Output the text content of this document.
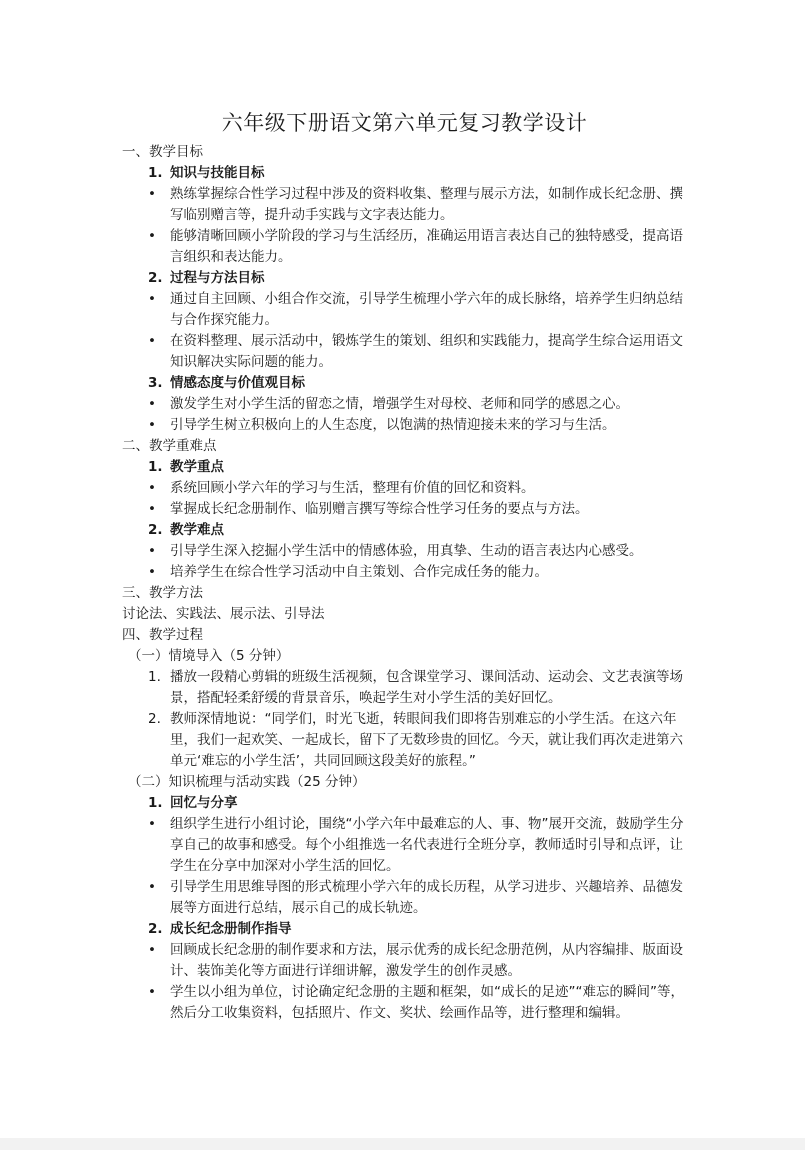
六年级下册语文第六单元复习教学设计

一、教学目标

1. 知识与技能目标

• 熟练掌握综合性学习过程中涉及的资料收集、整理与展示方法，如制作成长纪念册、撰写临别赠言等，提升动手实践与文字表达能力。

• 能够清晰回顾小学阶段的学习与生活经历，准确运用语言表达自己的独特感受，提高语言组织和表达能力。

2. 过程与方法目标

• 通过自主回顾、小组合作交流，引导学生梳理小学六年的成长脉络，培养学生归纳总结与合作探究能力。

• 在资料整理、展示活动中，锻炼学生的策划、组织和实践能力，提高学生综合运用语文知识解决实际问题的能力。

3. 情感态度与价值观目标

• 激发学生对小学生活的留恋之情，增强学生对母校、老师和同学的感恩之心。

• 引导学生树立积极向上的人生态度，以饱满的热情迎接未来的学习与生活。

二、教学重难点

1. 教学重点

• 系统回顾小学六年的学习与生活，整理有价值的回忆和资料。

• 掌握成长纪念册制作、临别赠言撰写等综合性学习任务的要点与方法。

2. 教学难点

• 引导学生深入挖掘小学生活中的情感体验，用真挚、生动的语言表达内心感受。

• 培养学生在综合性学习活动中自主策划、合作完成任务的能力。

三、教学方法

讨论法、实践法、展示法、引导法

四、教学过程

（一）情境导入（5 分钟）

1. 播放一段精心剪辑的班级生活视频，包含课堂学习、课间活动、运动会、文艺表演等场景，搭配轻柔舒缓的背景音乐，唤起学生对小学生活的美好回忆。

2. 教师深情地说：“同学们，时光飞逝，转眼间我们即将告别难忘的小学生活。在这六年里，我们一起欢笑、一起成长，留下了无数珍贵的回忆。今天，就让我们再次走进第六单元‘难忘的小学生活’，共同回顾这段美好的旅程。”

（二）知识梳理与活动实践（25 分钟）

1. 回忆与分享

• 组织学生进行小组讨论，围绕“小学六年中最难忘的人、事、物”展开交流，鼓励学生分享自己的故事和感受。每个小组推选一名代表进行全班分享，教师适时引导和点评，让学生在分享中加深对小学生活的回忆。

• 引导学生用思维导图的形式梳理小学六年的成长历程，从学习进步、兴趣培养、品德发展等方面进行总结，展示自己的成长轨迹。

2. 成长纪念册制作指导

• 回顾成长纪念册的制作要求和方法，展示优秀的成长纪念册范例，从内容编排、版面设计、装饰美化等方面进行详细讲解，激发学生的创作灵感。

• 学生以小组为单位，讨论确定纪念册的主题和框架，如“成长的足迹”“难忘的瞬间”等，然后分工收集资料，包括照片、作文、奖状、绘画作品等，进行整理和编辑。
